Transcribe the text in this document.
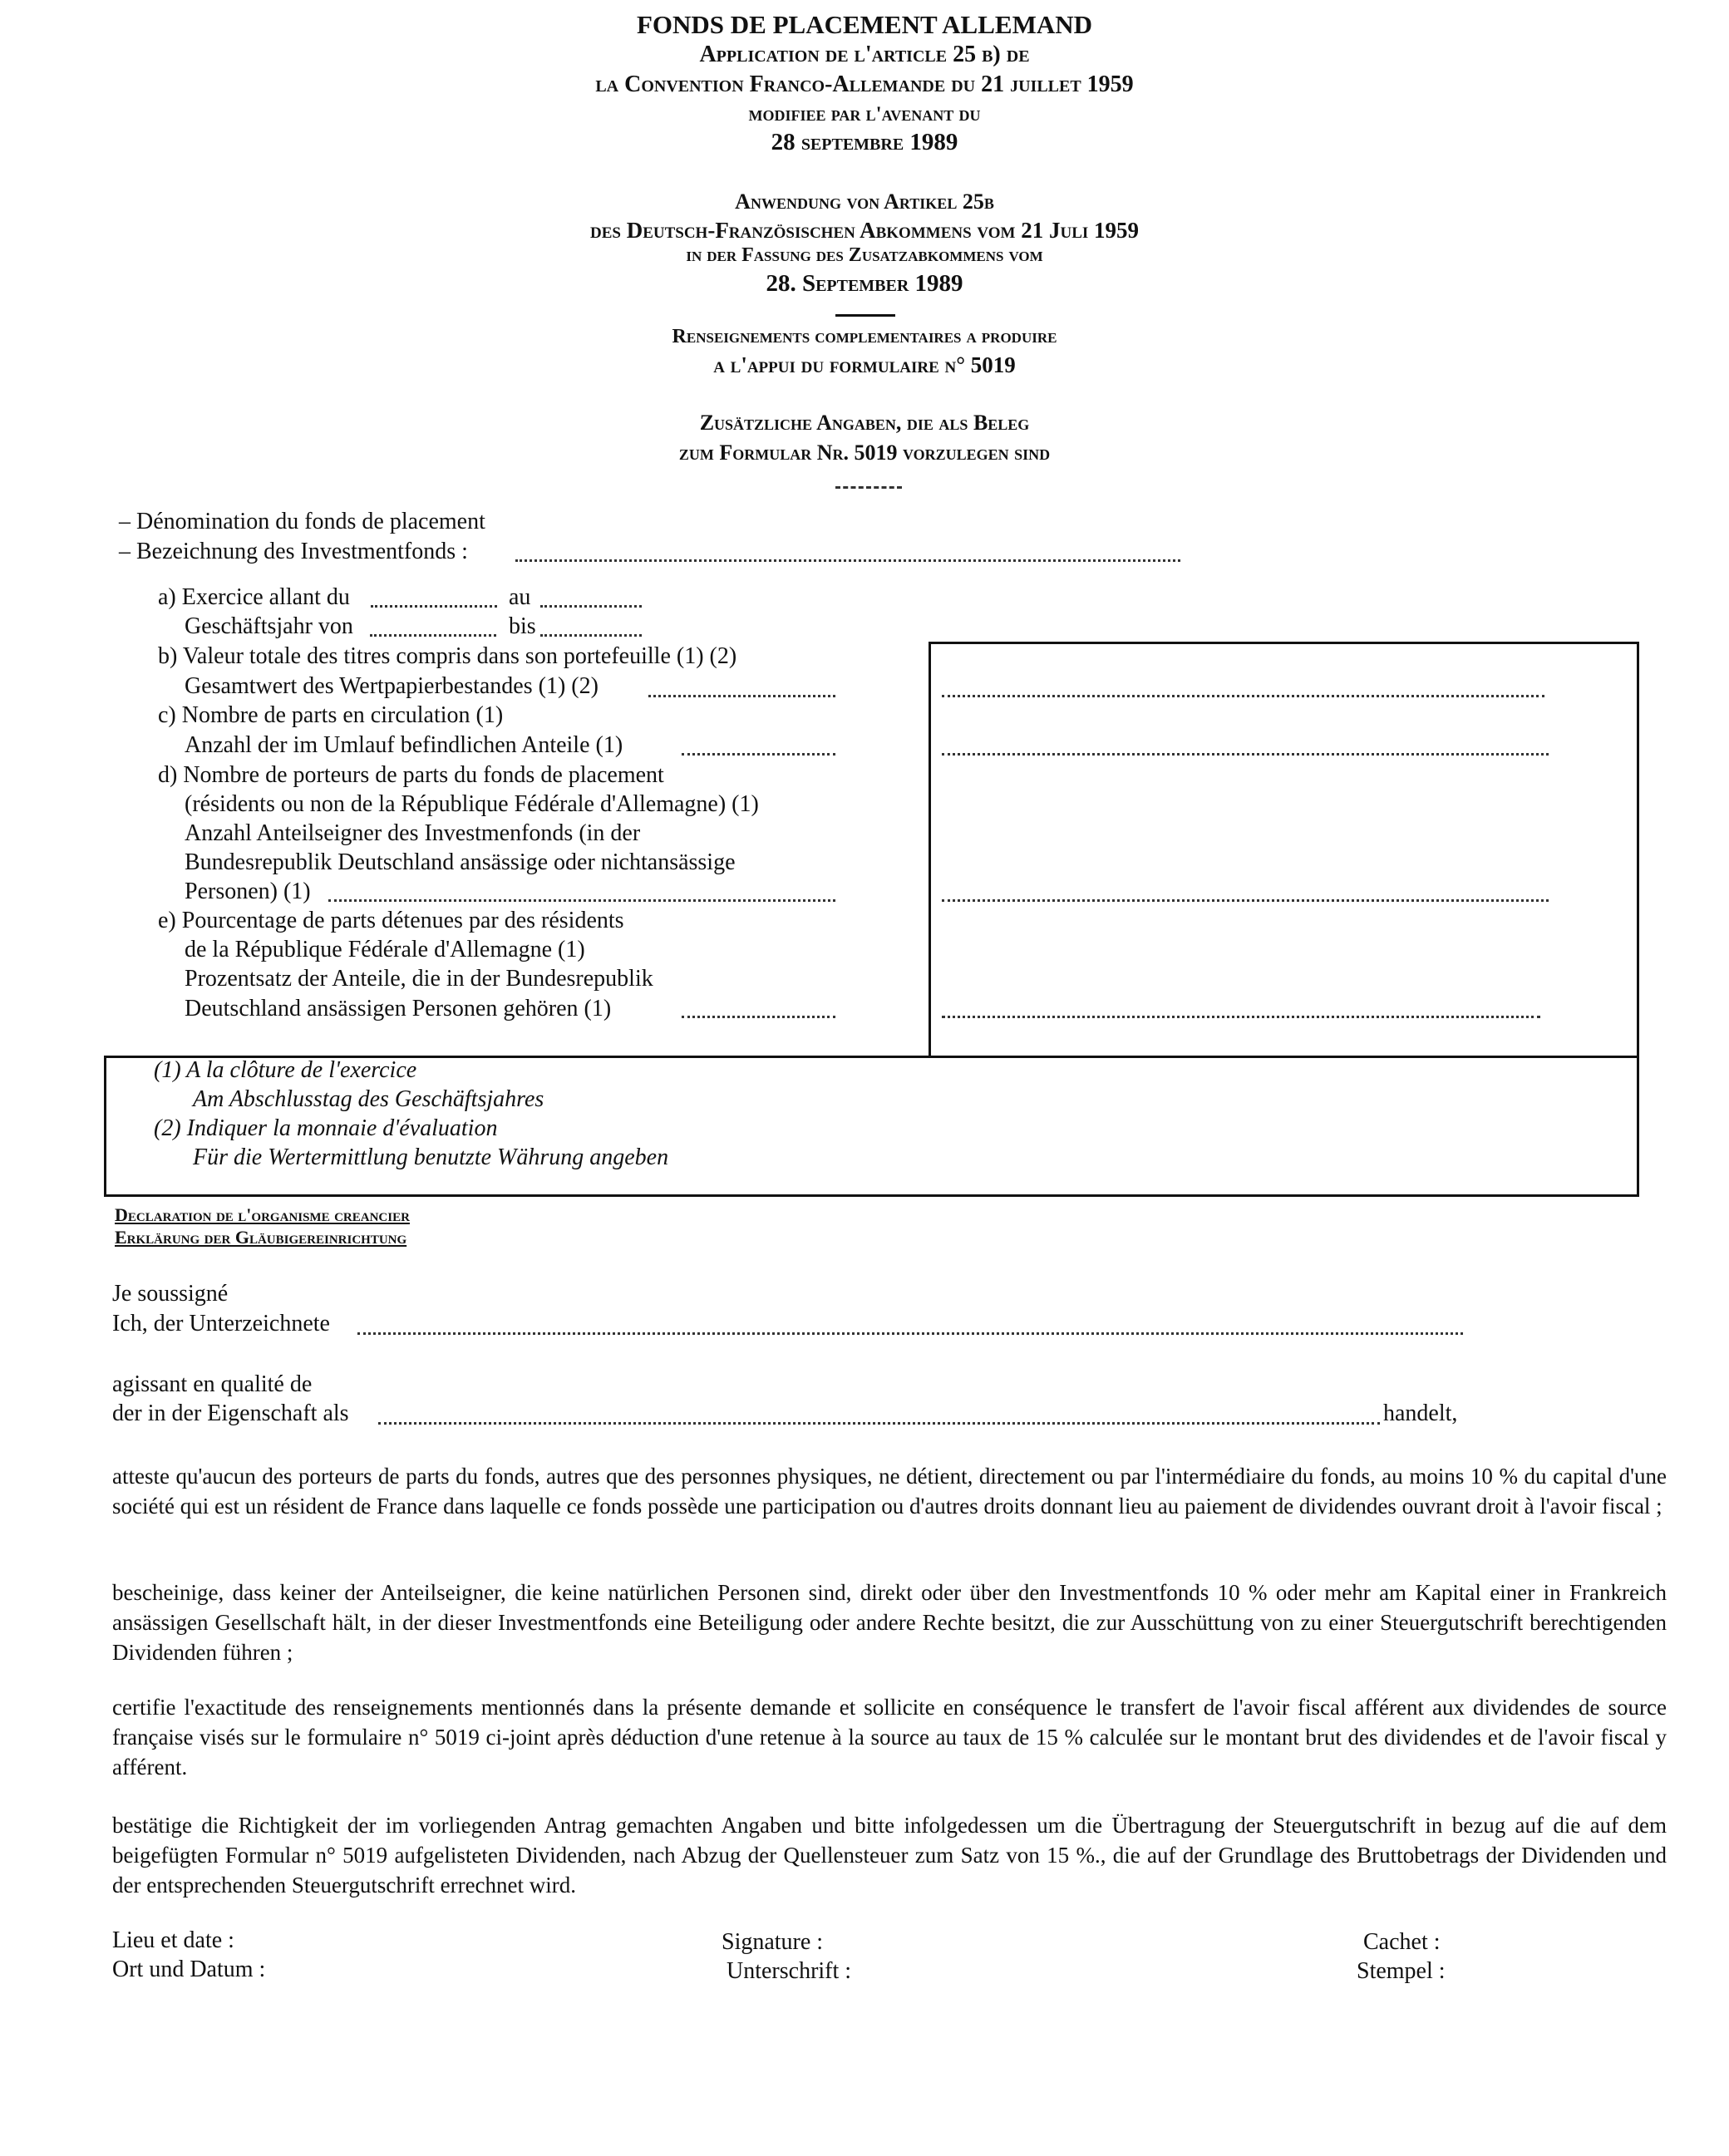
FONDS DE PLACEMENT ALLEMAND
Application de l'article 25 b) de
la Convention Franco-Allemande du 21 juillet 1959
modifiee par l'avenant du
28 septembre 1989
Anwendung von Artikel 25b
des Deutsch-Französischen Abkommens vom 21 Juli 1959
in der Fassung des Zusatzabkommens vom
28. September 1989
Renseignements complementaires a produire
a l'appui du formulaire n° 5019
Zusätzliche Angaben, die als Beleg
zum Formular Nr. 5019 vorzulegen sind
– Dénomination du fonds de placement
– Bezeichnung des Investmentfonds :
a) Exercice allant du	au
Geschäftsjahr von	bis
b) Valeur totale des titres compris dans son portefeuille (1) (2)
Gesamtwert des Wertpapierbestandes (1) (2)
c) Nombre de parts en circulation (1)
Anzahl der im Umlauf befindlichen Anteile (1)
d) Nombre de porteurs de parts du fonds de placement
(résidents ou non de la République Fédérale d'Allemagne) (1)
Anzahl Anteilseigner des Investmenfonds (in der
Bundesrepublik Deutschland ansässige oder nichtansässige
Personen) (1)
e) Pourcentage de parts détenues par des résidents
de la République Fédérale d'Allemagne (1)
Prozentsatz der Anteile, die in der Bundesrepublik
Deutschland ansässigen Personen gehören (1)
(1) A la clôture de l'exercice
Am Abschlusstag des Geschäftsjahres
(2) Indiquer la monnaie d'évaluation
Für die Wertermittlung benutzte Währung angeben
Declaration de l'organisme creancier
Erklärung der Gläubigereinrichtung
Je soussigné
Ich, der Unterzeichnete
agissant en qualité de
der in der Eigenschaft als	handelt,
atteste qu'aucun des porteurs de parts du fonds, autres que des personnes physiques, ne détient, directement ou par l'intermédiaire du fonds, au moins 10 % du capital d'une société qui est un résident de France dans laquelle ce fonds possède une participation ou d'autres droits donnant lieu au paiement de dividendes ouvrant droit à l'avoir fiscal ;
bescheinige, dass keiner der Anteilseigner, die keine natürlichen Personen sind, direkt oder über den Investmentfonds 10 % oder mehr am Kapital einer in Frankreich ansässigen Gesellschaft hält, in der dieser Investmentfonds eine Beteiligung oder andere Rechte besitzt, die zur Ausschüttung von zu einer Steuergutschrift berechtigenden Dividenden führen ;
certifie l'exactitude des renseignements mentionnés dans la présente demande et sollicite en conséquence le transfert de l'avoir fiscal afférent aux dividendes de source française visés sur le formulaire n° 5019 ci-joint après déduction d'une retenue à la source au taux de 15 % calculée sur le montant brut des dividendes et de l'avoir fiscal y afférent.
bestätige die Richtigkeit der im vorliegenden Antrag gemachten Angaben und bitte infolgedessen um die Übertragung der Steuergutschrift in bezug auf die auf dem beigefügten Formular n° 5019 aufgelisteten Dividenden, nach Abzug der Quellensteuer zum Satz von 15 %., die auf der Grundlage des Bruttobetrags der Dividenden und der entsprechenden Steuergutschrift errechnet wird.
Lieu et date :
Ort und Datum :
Signature :
Unterschrift :
Cachet :
Stempel :
